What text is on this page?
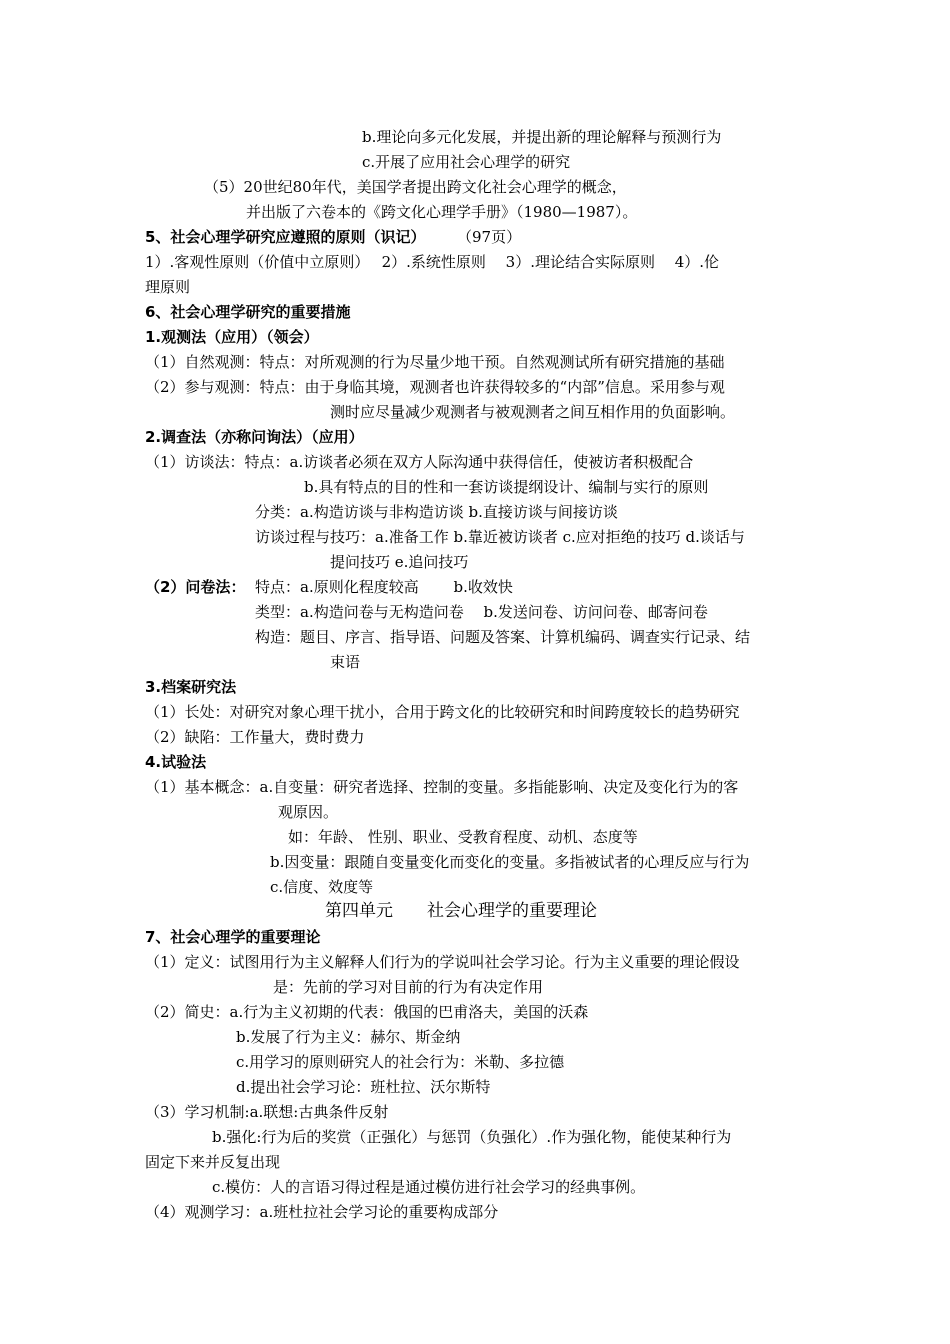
b.理论向多元化发展，并提出新的理论解释与预测行为
c.开展了应用社会心理学的研究
（5）20世纪80年代，美国学者提出跨文化社会心理学的概念，
并出版了六卷本的《跨文化心理学手册》（1980—1987）。
5、社会心理学研究应遵照的原则（识记） （97页）
1）.客观性原则（价值中立原则）　 2）.系统性原则　 3）.理论结合实际原则　 4）.伦
理原则
6、社会心理学研究的重要措施
1.观测法（应用）（领会）
（1）自然观测：特点：对所观测的行为尽量少地干预。自然观测试所有研究措施的基础
（2）参与观测：特点：由于身临其境，观测者也许获得较多的“内部”信息。采用参与观
测时应尽量减少观测者与被观测者之间互相作用的负面影响。
2.调查法（亦称问询法）（应用）
（1）访谈法：特点：a.访谈者必须在双方人际沟通中获得信任，使被访者积极配合
b.具有特点的目的性和一套访谈提纲设计、编制与实行的原则
分类：a.构造访谈与非构造访谈 b.直接访谈与间接访谈
访谈过程与技巧：a.准备工作 b.靠近被访谈者 c.应对拒绝的技巧 d.谈话与
提问技巧 e.追问技巧
（2）问卷法： 特点：a.原则化程度较高　　 b.收效快
类型：a.构造问卷与无构造问卷　 b.发送问卷、访问问卷、邮寄问卷
构造：题目、序言、指导语、问题及答案、计算机编码、调查实行记录、结
束语
3.档案研究法
（1）长处：对研究对象心理干扰小，合用于跨文化的比较研究和时间跨度较长的趋势研究
（2）缺陷：工作量大，费时费力
4.试验法
（1）基本概念：a.自变量：研究者选择、控制的变量。多指能影响、决定及变化行为的客
观原因。
如：年龄、 性别、职业、受教育程度、动机、态度等
b.因变量：跟随自变量变化而变化的变量。多指被试者的心理反应与行为
c.信度、效度等
第四单元　　社会心理学的重要理论
7、社会心理学的重要理论
（1）定义：试图用行为主义解释人们行为的学说叫社会学习论。行为主义重要的理论假设
是：先前的学习对目前的行为有决定作用
（2）简史：a.行为主义初期的代表：俄国的巴甫洛夫，美国的沃森
b.发展了行为主义：赫尔、斯金纳
c.用学习的原则研究人的社会行为：米勒、多拉德
d.提出社会学习论：班杜拉、沃尔斯特
（3）学习机制:a.联想:古典条件反射
b.强化:行为后的奖赏（正强化）与惩罚（负强化）.作为强化物，能使某种行为
固定下来并反复出现
c.模仿：人的言语习得过程是通过模仿进行社会学习的经典事例。
（4）观测学习：a.班杜拉社会学习论的重要构成部分
